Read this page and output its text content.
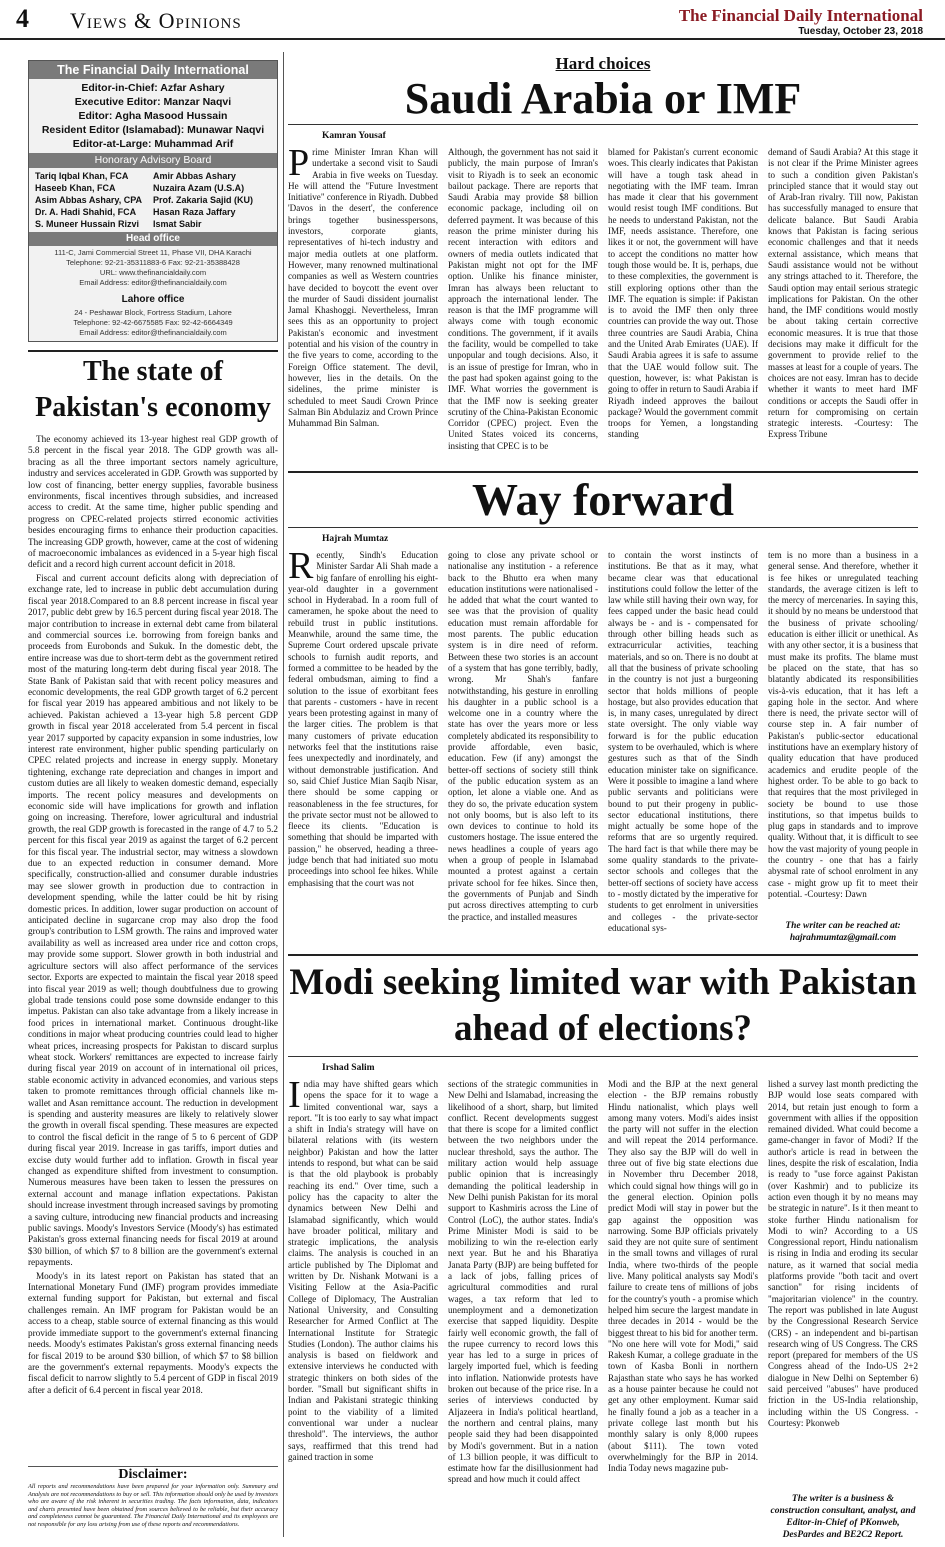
4 Views & Opinions	The Financial Daily International
Tuesday, October 23, 2018
The Financial Daily International
Editor-in-Chief: Azfar Ashary
Executive Editor: Manzar Naqvi
Editor: Agha Masood Hussain
Resident Editor (Islamabad): Munawar Naqvi
Editor-at-Large: Muhammad Arif
Honorary Advisory Board
Tariq Iqbal Khan, FCA	Amir Abbas Ashary
Haseeb Khan, FCA	Nuzaira Azam (U.S.A)
Asim Abbas Ashary, CPA	Prof. Zakaria Sajid (KU)
Dr. A. Hadi Shahid, FCA	Hasan Raza Jaffary
S. Muneer Hussain Rizvi	Ismat Sabir
Head office
111-C, Jami Commercial Street 11, Phase VII, DHA Karachi
Telephone: 92-21-35311883-6 Fax: 92-21-35388428
URL: www.thefinancialdaily.com
Email Address: editor@thefinancialdaily.com
Lahore office
24 - Peshawar Block, Fortress Stadium, Lahore
Telephone: 92-42-6675585 Fax: 92-42-6664349
Email Address: editor@thefinancialdaily.com
The state of Pakistan's economy

The economy achieved its 13-year highest real GDP growth of 5.8 percent in the fiscal year 2018. The GDP growth was all-bracing as all the three important sectors namely agriculture, industry and services accelerated in GDP. Growth was supported by low cost of financing, better energy supplies, favorable business environments, fiscal incentives through subsidies, and increased access to credit. At the same time, higher public spending and progress on CPEC-related projects stirred economic activities besides encouraging firms to enhance their production capacities. The increasing GDP growth, however, came at the cost of widening of macroeconomic imbalances as evidenced in a 5-year high fiscal deficit and a record high current account deficit in 2018.

Fiscal and current account deficits along with depreciation of exchange rate, led to increase in public debt accumulation during fiscal year 2018.Compared to an 8.8 percent increase in fiscal year 2017, public debt grew by 16.5 percent during fiscal year 2018. The major contribution to increase in external debt came from bilateral and commercial sources i.e. borrowing from foreign banks and proceeds from Eurobonds and Sukuk. In the domestic debt, the entire increase was due to short-term debt as the government retired most of the maturing long-term debt during fiscal year 2018. The State Bank of Pakistan said that with recent policy measures and economic developments, the real GDP growth target of 6.2 percent for fiscal year 2019 has appeared ambitious and not likely to be achieved. Pakistan achieved a 13-year high 5.8 percent GDP growth in fiscal year 2018 accelerated from 5.4 percent in fiscal year 2017 supported by capacity expansion in some industries, low interest rate environment, higher public spending particularly on CPEC related projects and increase in energy supply. Monetary tightening, exchange rate depreciation and changes in import and custom duties are all likely to weaken domestic demand, especially imports. The recent policy measures and developments on economic side will have implications for growth and inflation going on increasing. Therefore, lower agricultural and industrial growth, the real GDP growth is forecasted in the range of 4.7 to 5.2 percent for this fiscal year 2019 as against the target of 6.2 percent for this fiscal year. The industrial sector, may witness a slowdown due to an expected reduction in consumer demand. More specifically, construction-allied and consumer durable industries may see slower growth in production due to contraction in development spending, while the latter could be hit by rising domestic prices. In addition, lower sugar production on account of anticipated decline in sugarcane crop may also drop the food group's contribution to LSM growth. The rains and improved water availability as well as increased area under rice and cotton crops, may provide some support. Slower growth in both industrial and agriculture sectors will also affect performance of the services sector. Exports are expected to maintain the fiscal year 2018 speed into fiscal year 2019 as well; though doubtfulness due to growing global trade tensions could pose some downside endanger to this impetus. Pakistan can also take advantage from a likely increase in food prices in international market. Continuous drought-like conditions in major wheat producing countries could lead to higher wheat prices, increasing prospects for Pakistan to discard surplus wheat stock. Workers' remittances are expected to increase fairly during fiscal year 2019 on account of in international oil prices, stable economic activity in advanced economies, and various steps taken to promote remittances through official channels like m-wallet and Asan remittance account. The reduction in development is spending and austerity measures are likely to relatively slower the growth in overall fiscal spending. These measures are expected to control the fiscal deficit in the range of 5 to 6 percent of GDP during fiscal year 2019. Increase in gas tariffs, import duties and excise duty would further add to inflation. Growth in fiscal year changed as expenditure shifted from investment to consumption. Numerous measures have been taken to lessen the pressures on external account and manage inflation expectations. Pakistan should increase investment through increased savings by promoting a saving culture, introducing new financial products and increasing public savings. Moody's Investors Service (Moody's) has estimated Pakistan's gross external financing needs for fiscal 2019 at around $30 billion, of which $7 to 8 billion are the government's external repayments.

Moody's in its latest report on Pakistan has stated that an International Monetary Fund (IMF) program provides immediate external funding support for Pakistan, but external and fiscal challenges remain. An IMF program for Pakistan would be an access to a cheap, stable source of external financing as this would provide immediate support to the government's external financing needs. Moody's estimates Pakistan's gross external financing needs for fiscal 2019 to be around $30 billion, of which $7 to $8 billion are the government's external repayments. Moody's expects the fiscal deficit to narrow slightly to 5.4 percent of GDP in fiscal 2019 after a deficit of 6.4 percent in fiscal year 2018.

Disclaimer:

All reports and recommendations have been prepared for your information only. Summary and Analysis are not recommendations to buy or sell. This information should only be used by investors who are aware of the risk inherent in securities trading. The facts information, data, indicators and charts presented have been obtained from sources believed to be reliable, but their accuracy and completeness cannot be guaranteed. The Financial Daily International and its employees are not responsible for any loss arising from use of these reports and recommendations.

Hard choices
Saudi Arabia or IMF
Kamran Yousaf
Prime Minister Imran Khan will undertake a second visit to Saudi Arabia in five weeks on Tuesday. He will attend the "Future Investment Initiative" conference in Riyadh. Dubbed 'Davos in the desert', the conference brings together businesspersons, investors, corporate giants, representatives of hi-tech industry and major media outlets at one platform. However, many renowned multinational companies as well as Western countries have decided to boycott the event over the murder of Saudi dissident journalist Jamal Khashoggi. Nevertheless, Imran sees this as an opportunity to project Pakistan's economic and investment potential and his vision of the country in the five years to come, according to the Foreign Office statement. The devil, however, lies in the details. On the sidelines, the prime minister is scheduled to meet Saudi Crown Prince Salman Bin Abdulaziz and Crown Prince Muhammad Bin Salman.
Although, the government has not said it publicly, the main purpose of Imran's visit to Riyadh is to seek an economic bailout package. There are reports that Saudi Arabia may provide $8 billion economic package, including oil on deferred payment. It was because of this reason the prime minister during his recent interaction with editors and owners of media outlets indicated that Pakistan might not opt for the IMF option. Unlike his finance minister, Imran has always been reluctant to approach the international lender. The reason is that the IMF programme will always come with tough economic conditions. The government, if it avails the facility, would be compelled to take unpopular and tough decisions. Also, it is an issue of prestige for Imran, who in the past had spoken against going to the IMF. What worries the government is that the IMF now is seeking greater scrutiny of the China-Pakistan Economic Corridor (CPEC) project. Even the United States voiced its concerns, insisting that CPEC is to be
blamed for Pakistan's current economic woes. This clearly indicates that Pakistan will have a tough task ahead in negotiating with the IMF team. Imran has made it clear that his government would resist tough IMF conditions. But he needs to understand Pakistan, not the IMF, needs assistance. Therefore, one likes it or not, the government will have to accept the conditions no matter how tough those would be. It is, perhaps, due to these complexities, the government is still exploring options other than the IMF. The equation is simple: if Pakistan is to avoid the IMF then only three countries can provide the way out. Those three countries are Saudi Arabia, China and the United Arab Emirates (UAE). If Saudi Arabia agrees it is safe to assume that the UAE would follow suit. The question, however, is: what Pakistan is going to offer in return to Saudi Arabia if Riyadh indeed approves the bailout package? Would the government commit troops for Yemen, a longstanding standing
demand of Saudi Arabia? At this stage it is not clear if the Prime Minister agrees to such a condition given Pakistan's principled stance that it would stay out of Arab-Iran rivalry. Till now, Pakistan has successfully managed to ensure that delicate balance. But Saudi Arabia knows that Pakistan is facing serious economic challenges and that it needs external assistance, which means that Saudi assistance would not be without any strings attached to it. Therefore, the Saudi option may entail serious strategic implications for Pakistan. On the other hand, the IMF conditions would mostly be about taking certain corrective economic measures. It is true that those decisions may make it difficult for the government to provide relief to the masses at least for a couple of years. The choices are not easy. Imran has to decide whether it wants to meet hard IMF conditions or accepts the Saudi offer in return for compromising on certain strategic interests. -Courtesy: The Express Tribune
Way forward
Hajrah Mumtaz
Recently, Sindh's Education Minister Sardar Ali Shah made a big fanfare of enrolling his eight-year-old daughter in a government school in Hyderabad. In a room full of cameramen, he spoke about the need to rebuild trust in public institutions. Meanwhile, around the same time, the Supreme Court ordered upscale private schools to furnish audit reports, and formed a committee to be headed by the federal ombudsman, aiming to find a solution to the issue of exorbitant fees that parents - customers - have in recent years been protesting against in many of the larger cities. The problem is that many customers of private education networks feel that the institutions raise fees unexpectedly and inordinately, and without demonstrable justification. And so, said Chief Justice Mian Saqib Nisar, there should be some capping or reasonableness in the fee structures, for the private sector must not be allowed to fleece its clients. "Education is something that should be imparted with passion," he observed, heading a three-judge bench that had initiated suo motu proceedings into school fee hikes. While emphasising that the court was not
going to close any private school or nationalise any institution - a reference back to the Bhutto era when many education institutions were nationalised - he added that what the court wanted to see was that the provision of quality education must remain affordable for most parents. The public education system is in dire need of reform. Between these two stories is an account of a system that has gone terribly, badly, wrong. Mr Shah's fanfare notwithstanding, his gesture in enrolling his daughter in a public school is a welcome one in a country where the state has over the years more or less completely abdicated its responsibility to provide affordable, even basic, education. Few (if any) amongst the better-off sections of society still think of the public education system as an option, let alone a viable one. And as they do so, the private education system not only booms, but is also left to its own devices to continue to hold its customers hostage. The issue entered the news headlines a couple of years ago when a group of people in Islamabad mounted a protest against a certain private school for fee hikes. Since then, the governments of Punjab and Sindh put across directives attempting to curb the practice, and installed measures
to contain the worst instincts of institutions. Be that as it may, what became clear was that educational institutions could follow the letter of the law while still having their own way, for fees capped under the basic head could always be - and is - compensated for through other billing heads such as extracurricular activities, teaching materials, and so on. There is no doubt at all that the business of private schooling in the country is not just a burgeoning sector that holds millions of people hostage, but also provides education that is, in many cases, unregulated by direct state oversight. The only viable way forward is for the public education system to be overhauled, which is where gestures such as that of the Sindh education minister take on significance. Were it possible to imagine a land where public servants and politicians were bound to put their progeny in public-sector educational institutions, there might actually be some hope of the reforms that are so urgently required. The hard fact is that while there may be some quality standards to the private-sector schools and colleges that the better-off sections of society have access to - mostly dictated by the imperative for students to get enrolment in universities and colleges - the private-sector educational sys-
tem is no more than a business in a general sense. And therefore, whether it is fee hikes or unregulated teaching standards, the average citizen is left to the mercy of mercenaries. In saying this, it should by no means be understood that the business of private schooling/ education is either illicit or unethical. As with any other sector, it is a business that must make its profits. The blame must be placed on the state, that has so blatantly abdicated its responsibilities vis-à-vis education, that it has left a gaping hole in the sector. And where there is need, the private sector will of course step in. A fair number of Pakistan's public-sector educational institutions have an exemplary history of quality education that have produced academics and erudite people of the highest order. To be able to go back to that requires that the most privileged in society be bound to use those institutions, so that impetus builds to plug gaps in standards and to improve quality. Without that, it is difficult to see how the vast majority of young people in the country - one that has a fairly abysmal rate of school enrolment in any case - might grow up fit to meet their potential. -Courtesy: Dawn
The writer can be reached at: hajrahmumtaz@gmail.com
Modi seeking limited war with Pakistan ahead of elections?
Irshad Salim
India may have shifted gears which opens the space for it to wage a limited conventional war, says a report. "It is too early to say what impact a shift in India's strategy will have on bilateral relations with (its western neighbor) Pakistan and how the latter intends to respond, but what can be said is that the old playbook is probably reaching its end." Over time, such a policy has the capacity to alter the dynamics between New Delhi and Islamabad significantly, which would have broader political, military and strategic implications, the analysis claims. The analysis is couched in an article published by The Diplomat and written by Dr. Nishank Motwani is a Visiting Fellow at the Asia-Pacific College of Diplomacy, The Australian National University, and Consulting Researcher for Armed Conflict at The International Institute for Strategic Studies (London). The author claims his analysis is based on fieldwork and extensive interviews he conducted with strategic thinkers on both sides of the border. "Small but significant shifts in Indian and Pakistani strategic thinking point to the viability of a limited conventional war under a nuclear threshold". The interviews, the author says, reaffirmed that this trend had gained traction in some
sections of the strategic communities in New Delhi and Islamabad, increasing the likelihood of a short, sharp, but limited conflict. Recent developments suggest that there is scope for a limited conflict between the two neighbors under the nuclear threshold, says the author. The military action would help assuage public opinion that is increasingly demanding the political leadership in New Delhi punish Pakistan for its moral support to Kashmiris across the Line of Control (LoC), the author states. India's Prime Minister Modi is said to be mobilizing to win the re-election early next year. But he and his Bharatiya Janata Party (BJP) are being buffeted for a lack of jobs, falling prices of agricultural commodities and rural wages, a tax reform that led to unemployment and a demonetization exercise that sapped liquidity. Despite fairly well economic growth, the fall of the rupee currency to record lows this year has led to a surge in prices of largely imported fuel, which is feeding into inflation. Nationwide protests have broken out because of the price rise. In a series of interviews conducted by Aljazeera in India's political heartland, the northern and central plains, many people said they had been disappointed by Modi's government. But in a nation of 1.3 billion people, it was difficult to estimate how far the disillusionment had spread and how much it could affect
Modi and the BJP at the next general election - the BJP remains robustly Hindu nationalist, which plays well among many voters. Modi's aides insist the party will not suffer in the election and will repeat the 2014 performance. They also say the BJP will do well in three out of five big state elections due in November thru December 2018, which could signal how things will go in the general election. Opinion polls predict Modi will stay in power but the gap against the opposition was narrowing. Some BJP officials privately said they are not quite sure of sentiment in the small towns and villages of rural India, where two-thirds of the people live. Many political analysts say Modi's failure to create tens of millions of jobs for the country's youth - a promise which helped him secure the largest mandate in three decades in 2014 - would be the biggest threat to his bid for another term. "No one here will vote for Modi," said Rakesh Kumar, a college graduate in the town of Kasba Bonli in northern Rajasthan state who says he has worked as a house painter because he could not get any other employment. Kumar said he finally found a job as a teacher in a private college last month but his monthly salary is only 8,000 rupees (about $111). The town voted overwhelmingly for the BJP in 2014. India Today news magazine pub-
lished a survey last month predicting the BJP would lose seats compared with 2014, but retain just enough to form a government with allies if the opposition remained divided. What could become a game-changer in favor of Modi? If the author's article is read in between the lines, despite the risk of escalation, India is ready to "use force against Pakistan (over Kashmir) and to publicize its action even though it by no means may be strategic in nature". Is it then meant to stoke further Hindu nationalism for Modi to win? According to a US Congressional report, Hindu nationalism is rising in India and eroding its secular nature, as it warned that social media platforms provide "both tacit and overt sanction" for rising incidents of "majoritarian violence" in the country. The report was published in late August by the Congressional Research Service (CRS) - an independent and bi-partisan research wing of US Congress. The CRS report (prepared for members of the US Congress ahead of the Indo-US 2+2 dialogue in New Delhi on September 6) said perceived "abuses" have produced friction in the US-India relationship, including within the US Congress. - Courtesy: Pkonweb
The writer is a business & construction consultant, analyst, and Editor-in-Chief of PKonweb, DesPardes and BE2C2 Report.
